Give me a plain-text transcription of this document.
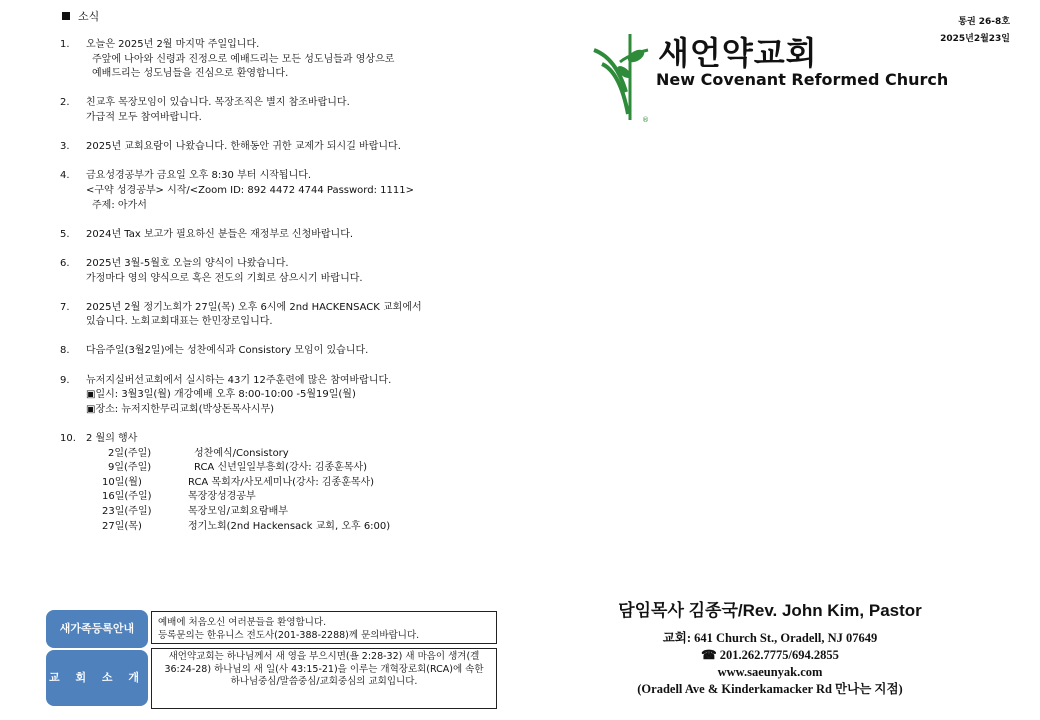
소식
1. 오늘은 2025년 2월 마지막 주일입니다.
주앞에 나아와 신령과 진정으로 예배드리는 모든 성도님들과 영상으로
예배드리는 성도님들을 진심으로 환영합니다.
2. 친교후 목장모임이 있습니다. 목장조직은 별지 참조바랍니다.
가급적 모두 참여바랍니다.
3. 2025년 교회요람이 나왔습니다. 한해동안 귀한 교제가 되시길 바랍니다.
4. 금요성경공부가 금요일 오후 8:30 부터 시작됩니다.
<구약 성경공부> 시작/<Zoom ID: 892 4472 4744 Password: 1111>
주제: 아가서
5. 2024년 Tax 보고가 필요하신 분들은 재정부로 신청바랍니다.
6. 2025년 3월-5월호 오늘의 양식이 나왔습니다.
가정마다 영의 양식으로 혹은 전도의 기회로 삼으시기 바랍니다.
7. 2025년 2월 정기노회가 27일(목) 오후 6시에 2nd HACKENSACK 교회에서
있습니다. 노회교회대표는 한민장로입니다.
8. 다음주일(3월2일)에는 성찬예식과 Consistory 모임이 있습니다.
9. 뉴저지실버선교회에서 실시하는 43기 12주훈련에 많은 참여바랍니다.
▣일시: 3월3일(월) 개강예배 오후 8:00-10:00 -5월19일(월)
▣장소: 뉴저지한무리교회(박상돈목사시무)
10. 2 월의 행사
2일(주일)	성찬예식/Consistory
9일(주일)	RCA 신년일일부흥회(강사: 김종훈목사)
10일(월)	RCA 목회자/사모세미나(강사: 김종훈목사)
16일(주일)	목장장성경공부
23일(주일)	목장모임/교회요람배부
27일(목)	정기노회(2nd Hackensack 교회, 오후 6:00)
새가족등록안내	예배에 처음오신 여러분들을 환영합니다.
등록문의는 한유니스 전도사(201-388-2288)께 문의바랍니다.
교 회 소 개
새언약교회는 하나님께서 새 영을 부으시면(욜 2:28-32) 새 마음이 생겨(겔 36:24-28) 하나님의 새 일(사 43:15-21)을 이루는 개혁장로회(RCA)에 속한 하나님중심/말씀중심/교회중심의 교회입니다.
통권 26-8호
2025년2월23일
®
새언약교회
New Covenant Reformed Church
담임목사 김종국/Rev. John Kim, Pastor
교회: 641 Church St., Oradell, NJ 07649
☎ 201.262.7775/694.2855
www.saeunyak.com
(Oradell Ave & Kinderkamacker Rd 만나는 지점)
